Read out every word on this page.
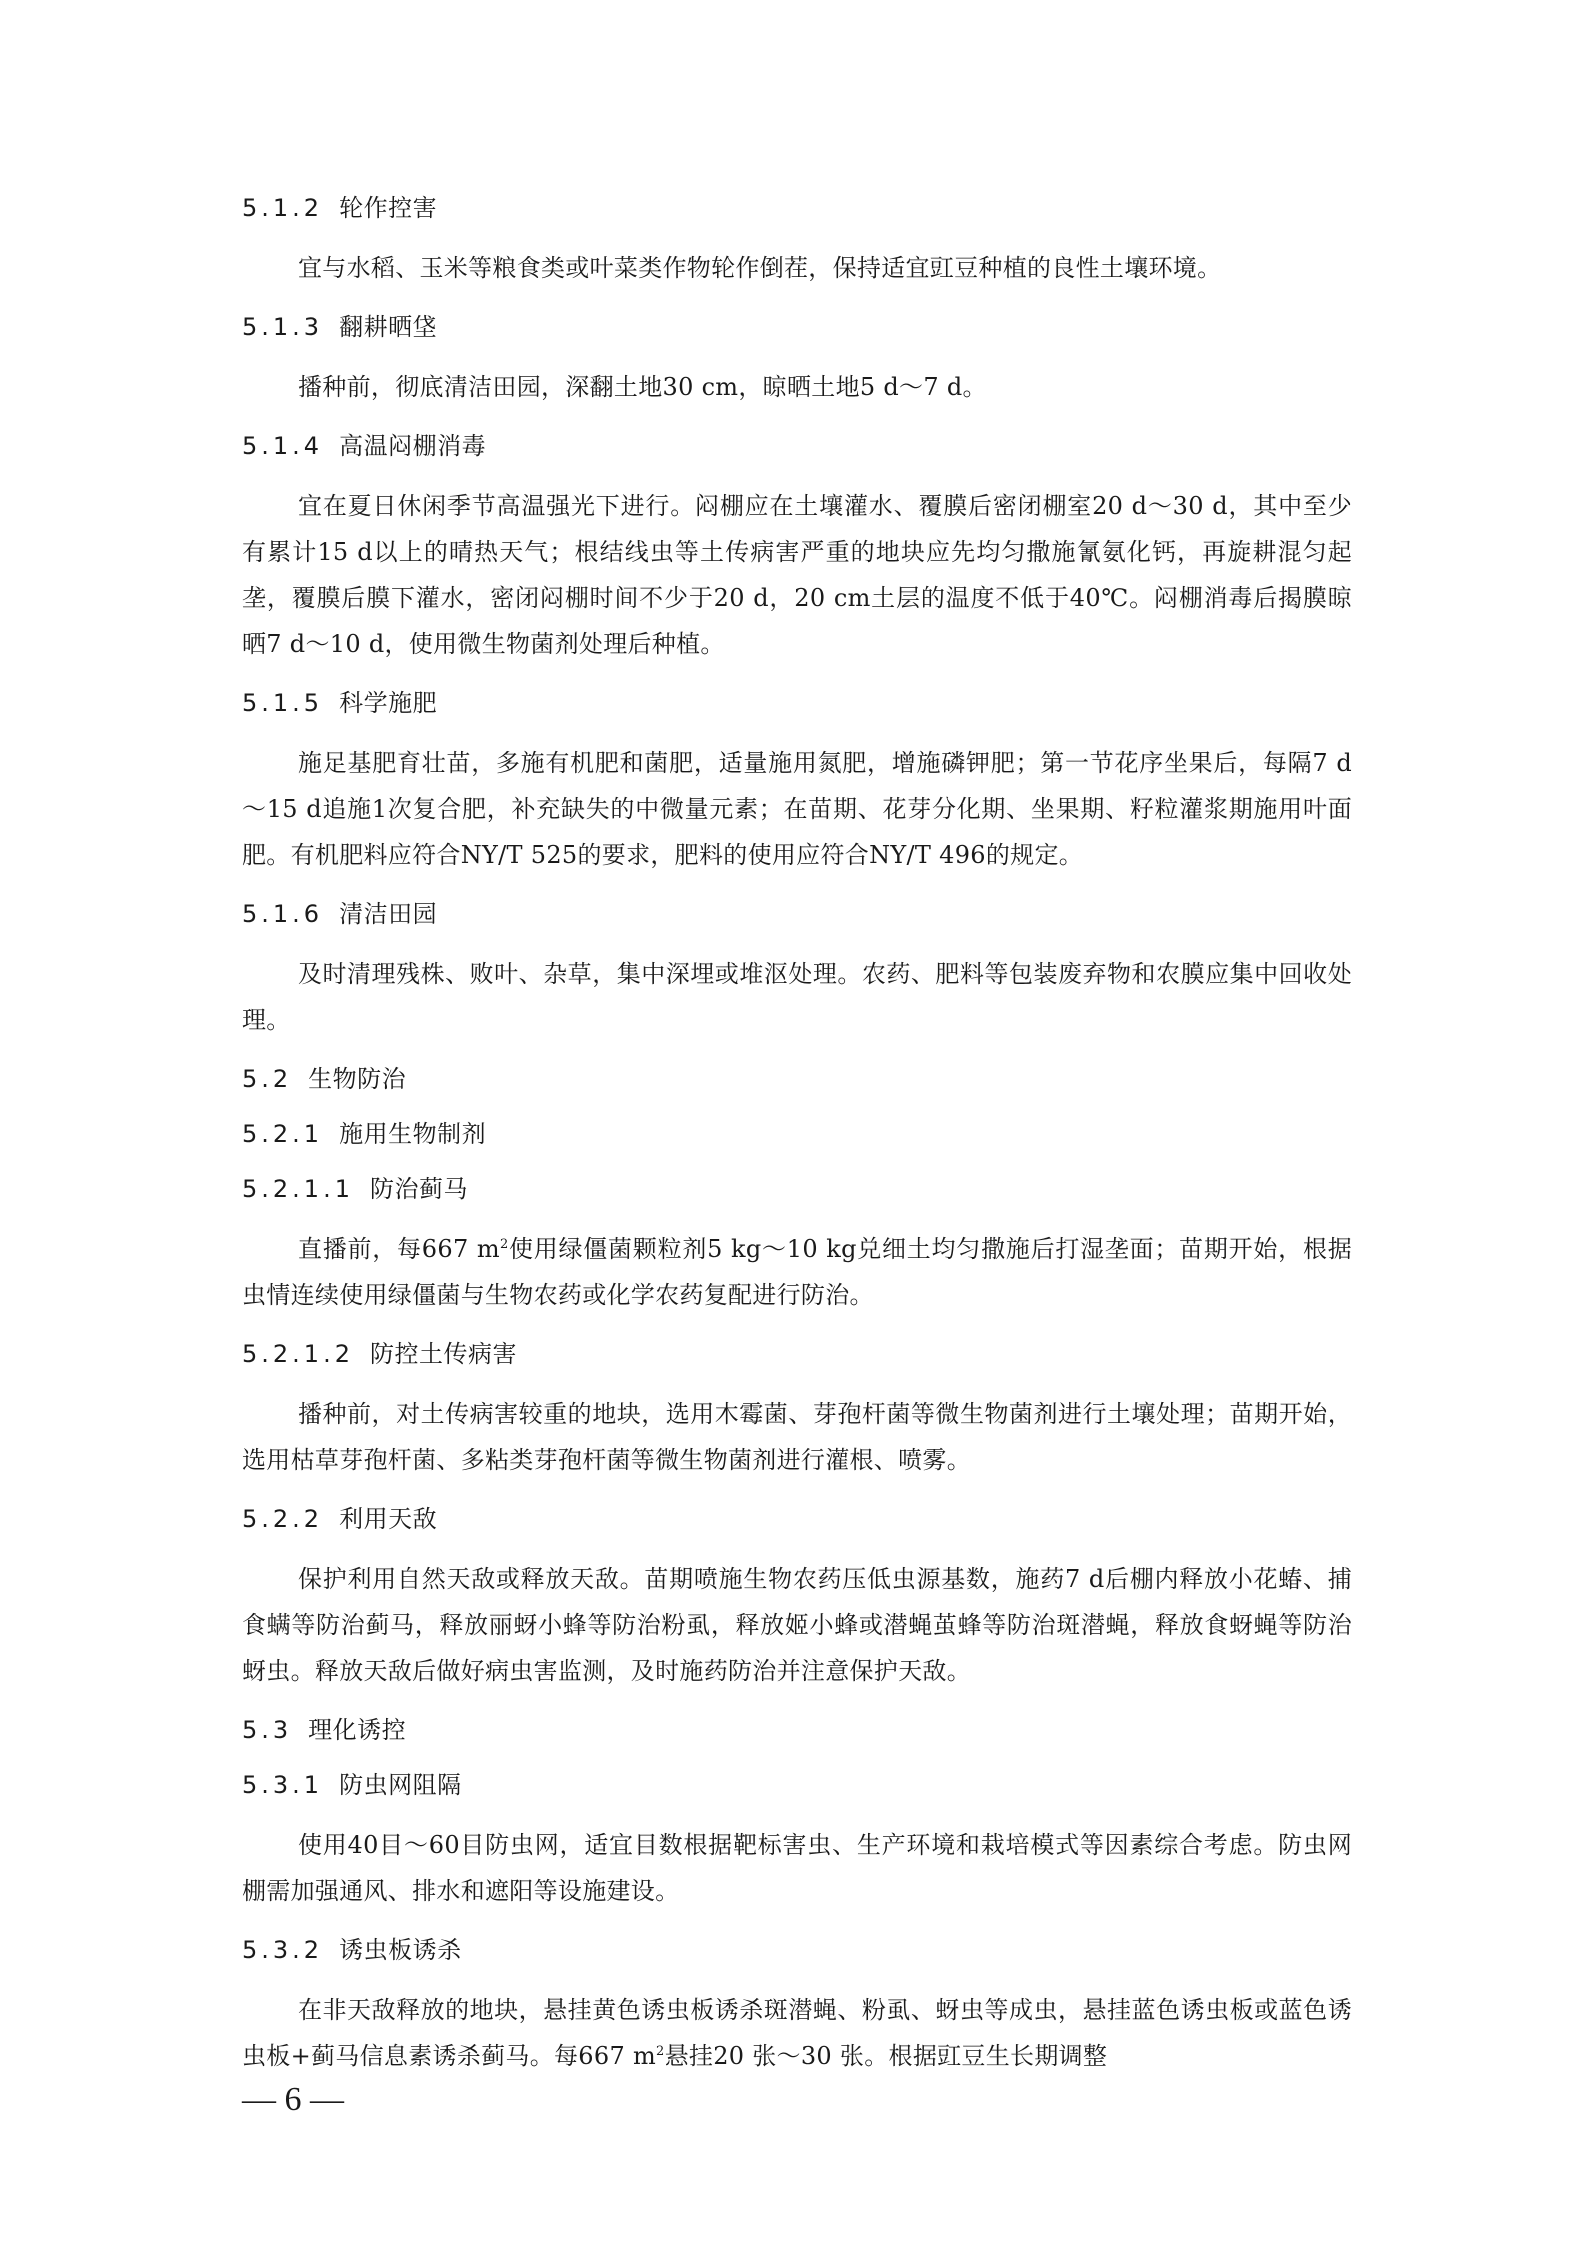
5.1.2 轮作控害

宜与水稻、玉米等粮食类或叶菜类作物轮作倒茬，保持适宜豇豆种植的良性土壤环境。

5.1.3 翻耕晒垡

播种前，彻底清洁田园，深翻土地30 cm，晾晒土地5 d～7 d。

5.1.4 高温闷棚消毒

宜在夏日休闲季节高温强光下进行。闷棚应在土壤灌水、覆膜后密闭棚室20 d～30 d，其中至少有累计15 d以上的晴热天气；根结线虫等土传病害严重的地块应先均匀撒施氰氨化钙，再旋耕混匀起垄，覆膜后膜下灌水，密闭闷棚时间不少于20 d，20 cm土层的温度不低于40℃。闷棚消毒后揭膜晾晒7 d～10 d，使用微生物菌剂处理后种植。

5.1.5 科学施肥

施足基肥育壮苗，多施有机肥和菌肥，适量施用氮肥，增施磷钾肥；第一节花序坐果后，每隔7 d～15 d追施1次复合肥，补充缺失的中微量元素；在苗期、花芽分化期、坐果期、籽粒灌浆期施用叶面肥。有机肥料应符合NY/T 525的要求，肥料的使用应符合NY/T 496的规定。

5.1.6 清洁田园

及时清理残株、败叶、杂草，集中深埋或堆沤处理。农药、肥料等包装废弃物和农膜应集中回收处理。

5.2 生物防治
5.2.1 施用生物制剂
5.2.1.1 防治蓟马

直播前，每667 $m^2$使用绿僵菌颗粒剂5 kg～10 kg兑细土均匀撒施后打湿垄面；苗期开始，根据虫情连续使用绿僵菌与生物农药或化学农药复配进行防治。

5.2.1.2 防控土传病害

播种前，对土传病害较重的地块，选用木霉菌、芽孢杆菌等微生物菌剂进行土壤处理；苗期开始，选用枯草芽孢杆菌、多粘类芽孢杆菌等微生物菌剂进行灌根、喷雾。

5.2.2 利用天敌

保护利用自然天敌或释放天敌。苗期喷施生物农药压低虫源基数，施药7 d后棚内释放小花蝽、捕食螨等防治蓟马，释放丽蚜小蜂等防治粉虱，释放姬小蜂或潜蝇茧蜂等防治斑潜蝇，释放食蚜蝇等防治蚜虫。释放天敌后做好病虫害监测，及时施药防治并注意保护天敌。

5.3 理化诱控
5.3.1 防虫网阻隔

使用40目～60目防虫网，适宜目数根据靶标害虫、生产环境和栽培模式等因素综合考虑。防虫网棚需加强通风、排水和遮阳等设施建设。

5.3.2 诱虫板诱杀

在非天敌释放的地块，悬挂黄色诱虫板诱杀斑潜蝇、粉虱、蚜虫等成虫，悬挂蓝色诱虫板或蓝色诱虫板+蓟马信息素诱杀蓟马。每667 $m^2$悬挂20 张～30 张。根据豇豆生长期调整

— 6 —
